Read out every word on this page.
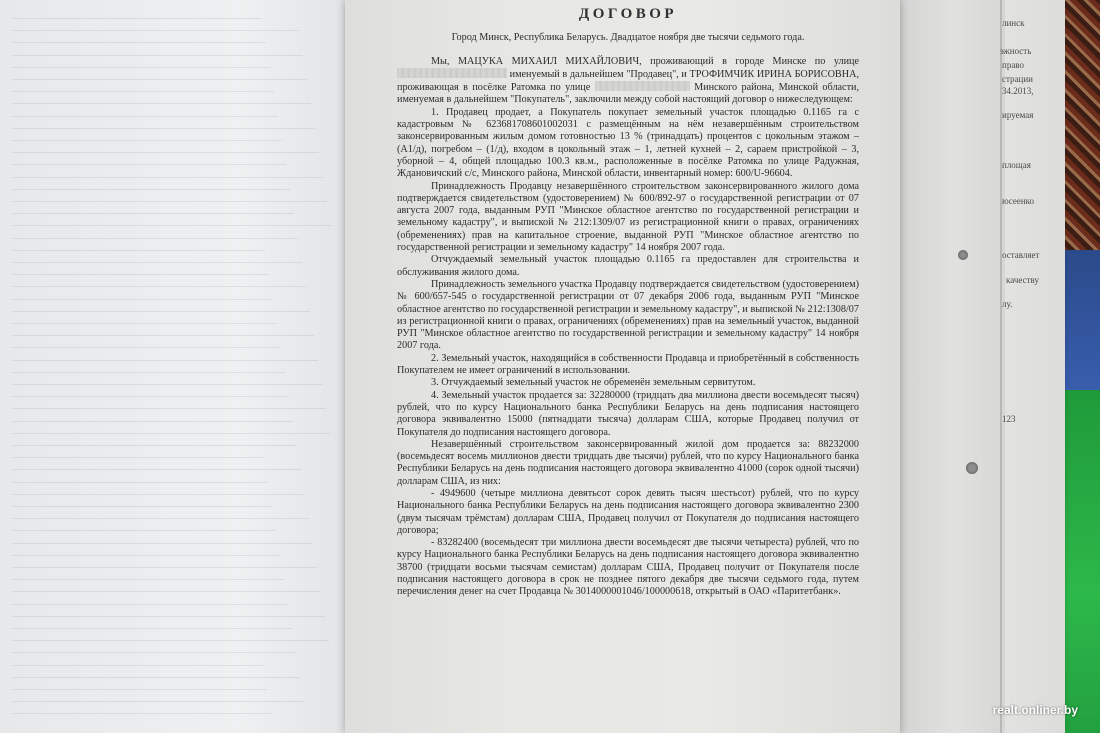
линск
эжность
право
страции
34.2013,
ируемая
площая
юсеенко
оставляет
качеству
лу.
123
ДОГОВОР
Город Минск, Республика Беларусь. Двадцатое ноября две тысячи седьмого года.

Мы, МАЦУКА МИХАИЛ МИХАЙЛОВИЧ, проживающий в городе Минске по улице  именуемый в дальнейшем "Продавец", и ТРОФИМЧИК ИРИНА БОРИСОВНА, проживающая в посёлке Ратомка по улице	Минского района, Минской области, именуемая в дальнейшем "Покупатель", заключили между собой настоящий договор о нижеследующем:

1. Продавец продает, а Покупатель покупает земельный участок площадью 0.1165 га с кадастровым № 623681708601002031 с размещённым на нём незавершённым строительством законсервированным жилым домом готовностью 13 % (тринадцать) процентов с цокольным этажом – (А1/д), погребом – (1/д), входом в цокольный этаж – 1, летней кухней – 2, сараем пристройкой – 3, уборной – 4, общей площадью 100.3 кв.м., расположенные в посёлке Ратомка по улице Радужная, Ждановичский с/с, Минского района, Минской области, инвентарный номер: 600/U-96604.

Принадлежность Продавцу незавершённого строительством законсервированного жилого дома подтверждается свидетельством (удостоверением) № 600/892-97 о государственной регистрации от 07 августа 2007 года, выданным РУП "Минское областное агентство по государственной регистрации и земельному кадастру", и выпиской № 212:1309/07 из регистрационной книги о правах, ограничениях (обременениях) прав на капитальное строение, выданной РУП "Минское областное агентство по государственной регистрации и земельному кадастру" 14 ноября 2007 года.

Отчуждаемый земельный участок площадью 0.1165 га предоставлен для строительства и обслуживания жилого дома.

Принадлежность земельного участка Продавцу подтверждается свидетельством (удостоверением) № 600/657-545 о государственной регистрации от 07 декабря 2006 года, выданным РУП "Минское областное агентство по государственной регистрации и земельному кадастру", и выпиской № 212:1308/07 из регистрационной книги о правах, ограничениях (обременениях) прав на земельный участок, выданной РУП "Минское областное агентство по государственной регистрации и земельному кадастру" 14 ноября 2007 года.

2. Земельный участок, находящийся в собственности Продавца и приобретённый в собственность Покупателем не имеет ограничений в использовании.

3. Отчуждаемый земельный участок не обременён земельным сервитутом.

4. Земельный участок продается за: 32280000 (тридцать два миллиона двести восемьдесят тысяч) рублей, что по курсу Национального банка Республики Беларусь на день подписания настоящего договора эквивалентно 15000 (пятнадцати тысяча) долларам США, которые Продавец получил от Покупателя до подписания настоящего договора.

Незавершённый строительством законсервированный жилой дом продается за: 88232000 (восемьдесят восемь миллионов двести тридцать две тысячи) рублей, что по курсу Национального банка Республики Беларусь на день подписания настоящего договора эквивалентно 41000 (сорок одной тысячи) долларам США, из них:

- 4949600 (четыре миллиона девятьсот сорок девять тысяч шестьсот) рублей, что по курсу Национального банка Республики Беларусь на день подписания настоящего договора эквивалентно 2300 (двум тысячам трёмстам) долларам США, Продавец получил от Покупателя до подписания настоящего договора;

- 83282400 (восемьдесят три миллиона двести восемьдесят две тысячи четыреста) рублей, что по курсу Национального банка Республики Беларусь на день подписания настоящего договора эквивалентно 38700 (тридцати восьми тысячам семистам) долларам США, Продавец получит от Покупателя после подписания настоящего договора в срок не позднее пятого декабря две тысячи седьмого года, путем перечисления денег на счет Продавца № 3014000001046/100000618, открытый в ОАО «Паритетбанк».

realt.onliner.by
